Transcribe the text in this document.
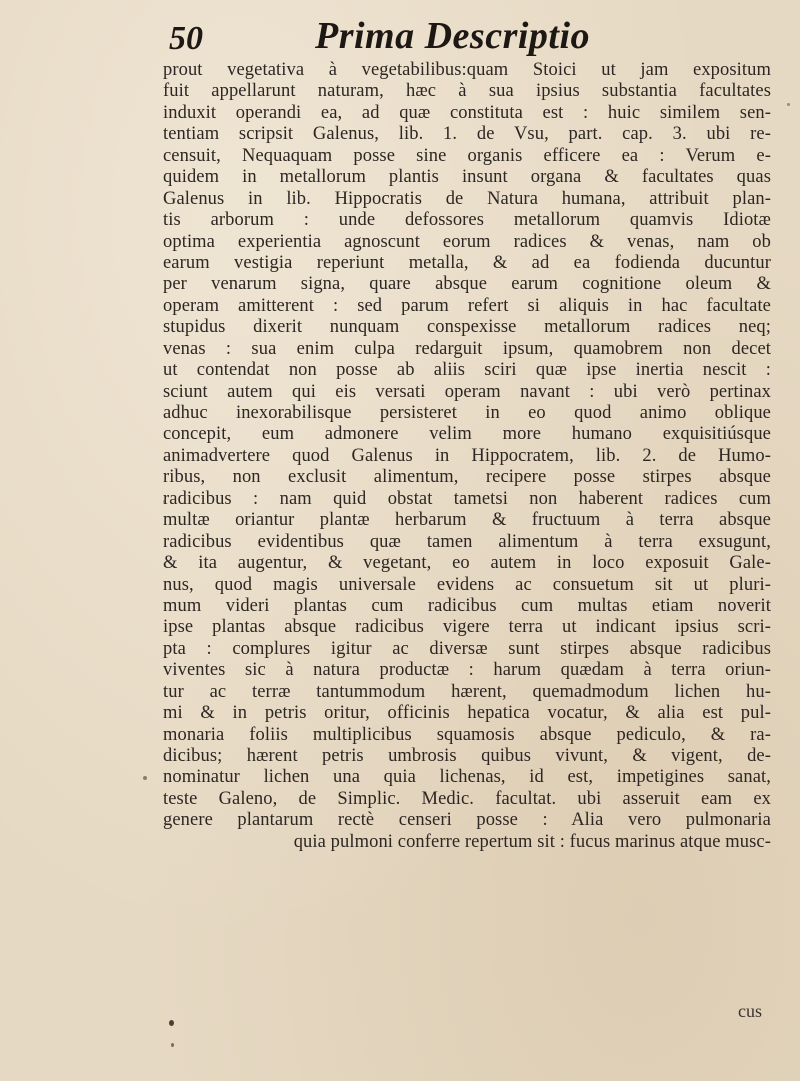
50	Prima Descriptio
prout vegetativa à vegetabilibus:quam Stoici ut jam expositum
fuit appellarunt naturam, hæc à sua ipsius substantia facultates
induxit operandi ea, ad quæ constituta est : huic similem sen-
tentiam scripsit Galenus, lib. 1. de Vsu, part. cap. 3. ubi re-
censuit, Nequaquam posse sine organis efficere ea : Verum e-
quidem in metallorum plantis insunt organa & facultates quas
Galenus in lib. Hippocratis de Natura humana, attribuit plan-
tis arborum : unde defossores metallorum quamvis Idiotæ
optima experientia agnoscunt eorum radices & venas, nam ob
earum vestigia reperiunt metalla, & ad ea fodienda ducuntur
per venarum signa, quare absque earum cognitione oleum &
operam amitterent : sed parum refert si aliquis in hac facultate
stupidus dixerit nunquam conspexisse metallorum radices neq;
venas : sua enim culpa redarguit ipsum, quamobrem non decet
ut contendat non posse ab aliis sciri quæ ipse inertia nescit :
sciunt autem qui eis versati operam navant : ubi verò pertinax
adhuc inexorabilisque persisteret in eo quod animo oblique
concepit, eum admonere velim more humano exquisitiúsque
animadvertere quod Galenus in Hippocratem, lib. 2. de Humo-
ribus, non exclusit alimentum, recipere posse stirpes absque
radicibus : nam quid obstat tametsi non haberent radices cum
multæ oriantur plantæ herbarum & fructuum à terra absque
radicibus evidentibus quæ tamen alimentum à terra exsugunt,
& ita augentur, & vegetant, eo autem in loco exposuit Gale-
nus, quod magis universale evidens ac consuetum sit ut pluri-
mum videri plantas cum radicibus cum multas etiam noverit
ipse plantas absque radicibus vigere terra ut indicant ipsius scri-
pta : complures igitur ac diversæ sunt stirpes absque radicibus
viventes sic à natura productæ : harum quædam à terra oriun-
tur ac terræ tantummodum hærent, quemadmodum lichen hu-
mi & in petris oritur, officinis hepatica vocatur, & alia est pul-
monaria foliis multiplicibus squamosis absque pediculo, & ra-
dicibus; hærent petris umbrosis quibus vivunt, & vigent, de-
nominatur lichen una quia lichenas, id est, impetigines sanat,
teste Galeno, de Simplic. Medic. facultat. ubi asseruit eam ex
genere plantarum rectè censeri posse : Alia vero pulmonaria
quia pulmoni conferre repertum sit : fucus marinus atque musc-
cus
